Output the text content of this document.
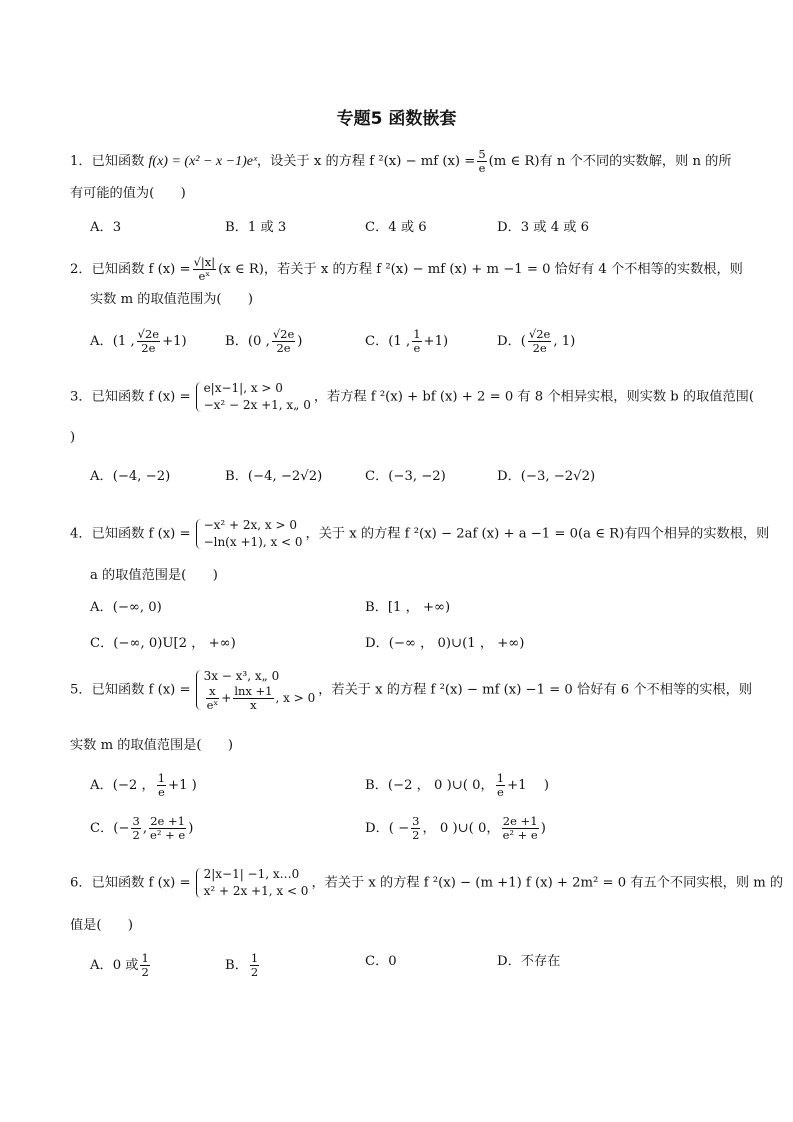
专题5 函数嵌套
1．已知函数 f(x) = (x² − x −1)eˣ，设关于 x 的方程 f ²(x) − mf $(x) = \frac{5}{e} (m$ ∈ R)有 n 个不同的实数解，则 n 的所
有可能的值为(　　)
A．3	B．1 或 3	C．4 或 6	D．3 或 4 或 6
2．已知函数 f $(x) = \frac{√|x|}{\text{eˣ}} (x$ ∈ R)，若关于 x 的方程 f ²(x) − mf (x) + m −1 = 0 恰好有 4 个不相等的实数根，则
实数 m 的取值范围为(　　)
A．(1 , $\frac{√2e}{2e} +1$)	B．(0 , $\frac{√2e}{2e}$ )	C．(1 , $\frac{1}{e} +1$)	D．( $\frac{√2e}{2e}$ , 1)
3．已知函数 f (x) =
e|x−1|, x > 0
−x² − 2x +1, x„ 0
，若方程 f ²(x) + bf (x) + 2 = 0 有 8 个相异实根，则实数 b 的取值范围(
)
A．(−4, −2)	B．(−4, −2√2)	C．(−3, −2)	D．(−3, −2√2)
4．已知函数 f (x) =
−x² + 2x, x > 0
−ln(x +1), x < 0
，关于 x 的方程 f ²(x) − 2af (x) + a −1 = 0(a ∈ R)有四个相异的实数根，则
a 的取值范围是(　　)
A．(−∞, 0)	B．[1 ， +∞)
C．(−∞, 0)U[2 ， +∞)	D．(−∞ ， 0)∪(1 ， +∞)
5．已知函数 f (x) =
3x − x³, x„ 0
$\frac{x}{\text{eˣ}} + \frac{\ln x +1}{x}$ , x > 0
，若关于 x 的方程 f ²(x) − mf (x) −1 = 0 恰好有 6 个不相等的实根，则
实数 m 的取值范围是(　　)
A．(−2 ， $\frac{1}{e} +1$ )	B．(−2 ， 0 )∪( 0， $\frac{1}{e} +1$ 　)
C．(− $\frac{3}{2}$ , $\frac{2e +1}{\text{e² + e}}$ )	D．( − $\frac{3}{2}$ ， 0 )∪( 0， $\frac{2e +1}{\text{e² + e}}$ )
6．已知函数 f (x) =
2|x−1| −1, x…0
x² + 2x +1, x < 0
，若关于 x 的方程 f ²(x) − (m +1) f (x) + 2m² = 0 有五个不同实根，则 m 的
值是(　　)
A．0 或 $\frac{1}{2}$	B． $\frac{1}{2}$	C．0	D．不存在
